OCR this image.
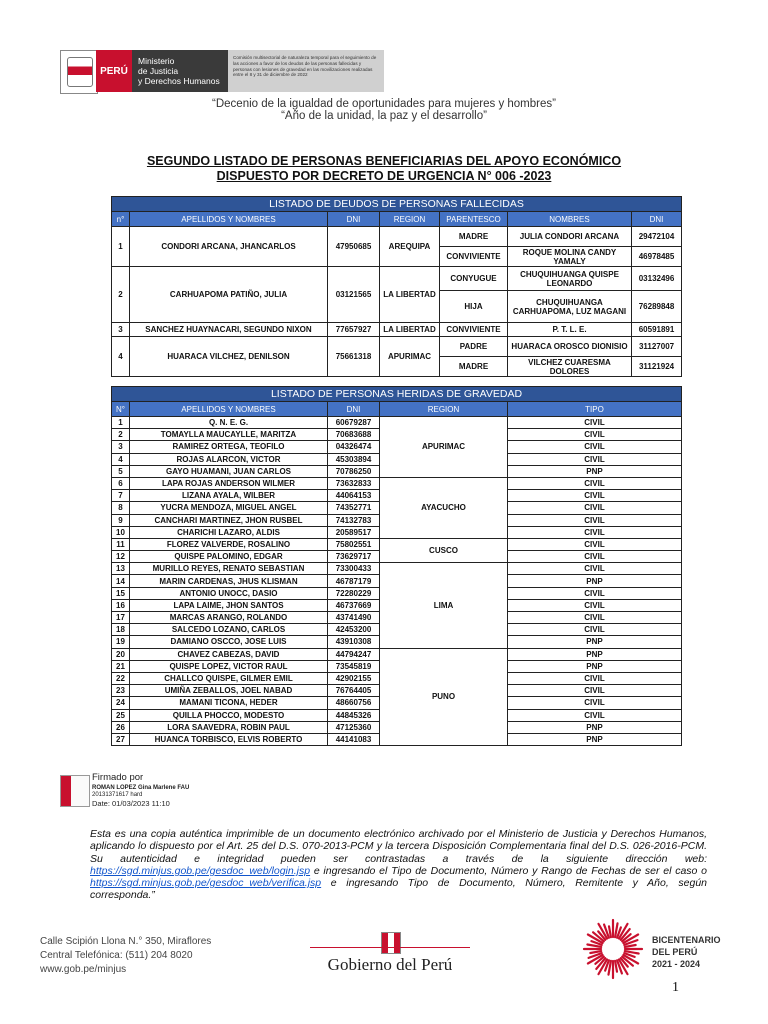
PERÚ
Ministerio
de Justicia
y Derechos Humanos
Comisión multisectorial de naturaleza temporal para el seguimiento de las acciones a favor de los deudos de las personas fallecidas y personas con lesiones de gravedad en las movilizaciones realizadas entre el 8 y 31 de diciembre de 2022
“Decenio de la igualdad de oportunidades para mujeres y hombres”
“Año de la unidad, la paz y el desarrollo”
SEGUNDO LISTADO DE PERSONAS BENEFICIARIAS DEL APOYO ECONÓMICO
DISPUESTO POR DECRETO DE URGENCIA N° 006 -2023
LISTADO DE DEUDOS DE PERSONAS FALLECIDAS						
n°	APELLIDOS Y NOMBRES	DNI	REGION	PARENTESCO	NOMBRES	DNI
1	CONDORI ARCANA, JHANCARLOS	47950685	AREQUIPA	MADRE	JULIA CONDORI ARCANA	29472104
				CONVIVIENTE	ROQUE MOLINA CANDY YAMALY	46978485
2	CARHUAPOMA PATIÑO, JULIA	03121565	LA LIBERTAD	CONYUGUE	CHUQUIHUANGA QUISPE LEONARDO	03132496
				HIJA	CHUQUIHUANGA CARHUAPOMA, LUZ MAGANI	76289848
3	SANCHEZ HUAYNACARI, SEGUNDO NIXON	77657927	LA LIBERTAD	CONVIVIENTE	P. T. L. E.	60591891
4	HUARACA VILCHEZ, DENILSON	75661318	APURIMAC	PADRE	HUARACA OROSCO DIONISIO	31127007
				MADRE	VILCHEZ CUARESMA DOLORES	31121924
LISTADO DE PERSONAS HERIDAS DE GRAVEDAD				
N°	APELLIDOS Y NOMBRES	DNI	REGION	TIPO
1	Q. N. E. G.	60679287	APURIMAC	CIVIL
2	TOMAYLLA MAUCAYLLE, MARITZA	70683688		CIVIL
3	RAMIREZ ORTEGA, TEOFILO	04326474		CIVIL
4	ROJAS ALARCON, VICTOR	45303894		CIVIL
5	GAYO HUAMANI, JUAN CARLOS	70786250		PNP
6	LAPA ROJAS ANDERSON WILMER	73632833	AYACUCHO	CIVIL
7	LIZANA AYALA, WILBER	44064153		CIVIL
8	YUCRA MENDOZA, MIGUEL ANGEL	74352771		CIVIL
9	CANCHARI MARTINEZ, JHON RUSBEL	74132783		CIVIL
10	CHARICHI LAZARO, ALDIS	20589517		CIVIL
11	FLOREZ VALVERDE, ROSALINO	75802551	CUSCO	CIVIL
12	QUISPE PALOMINO, EDGAR	73629717		CIVIL
13	MURILLO REYES, RENATO SEBASTIAN	73300433	LIMA	CIVIL
14	MARIN CARDENAS, JHUS KLISMAN	46787179		PNP
15	ANTONIO UNOCC, DASIO	72280229		CIVIL
16	LAPA LAIME, JHON SANTOS	46737669		CIVIL
17	MARCAS ARANGO, ROLANDO	43741490		CIVIL
18	SALCEDO LOZANO, CARLOS	42453200		CIVIL
19	DAMIANO OSCCO, JOSE LUIS	43910308		PNP
20	CHAVEZ CABEZAS, DAVID	44794247	PUNO	PNP
21	QUISPE LOPEZ, VICTOR RAUL	73545819		PNP
22	CHALLCO QUISPE, GILMER EMIL	42902155		CIVIL
23	UMIÑA ZEBALLOS, JOEL NABAD	76764405		CIVIL
24	MAMANI TICONA, HEDER	48660756		CIVIL
25	QUILLA PHOCCO, MODESTO	44845326		CIVIL
26	LORA SAAVEDRA, ROBIN PAUL	47125360		PNP
27	HUANCA TORBISCO, ELVIS ROBERTO	44141083		PNP
Firmado por
ROMAN LOPEZ Gina Marlene FAU
20131371617 hard
Date: 01/03/2023 11:10
Esta es una copia auténtica imprimible de un documento electrónico archivado por el Ministerio de Justicia y Derechos Humanos, aplicando lo dispuesto por el Art. 25 del D.S. 070-2013-PCM y la tercera Disposición Complementaria final del D.S. 026-2016-PCM. Su autenticidad e integridad pueden ser contrastadas a través de la siguiente dirección web: https://sgd.minjus.gob.pe/gesdoc_web/login.jsp e ingresando el Tipo de Documento, Número y Rango de Fechas de ser el caso o https://sgd.minjus.gob.pe/gesdoc_web/verifica.jsp e ingresando Tipo de Documento, Número, Remitente y Año, según corresponda.”
Calle Scipión Llona N.° 350, Miraflores
Central Telefónica: (511) 204 8020
www.gob.pe/minjus	Gobierno del Perú
BICENTENARIO
DEL PERÚ
2021 - 2024
1
